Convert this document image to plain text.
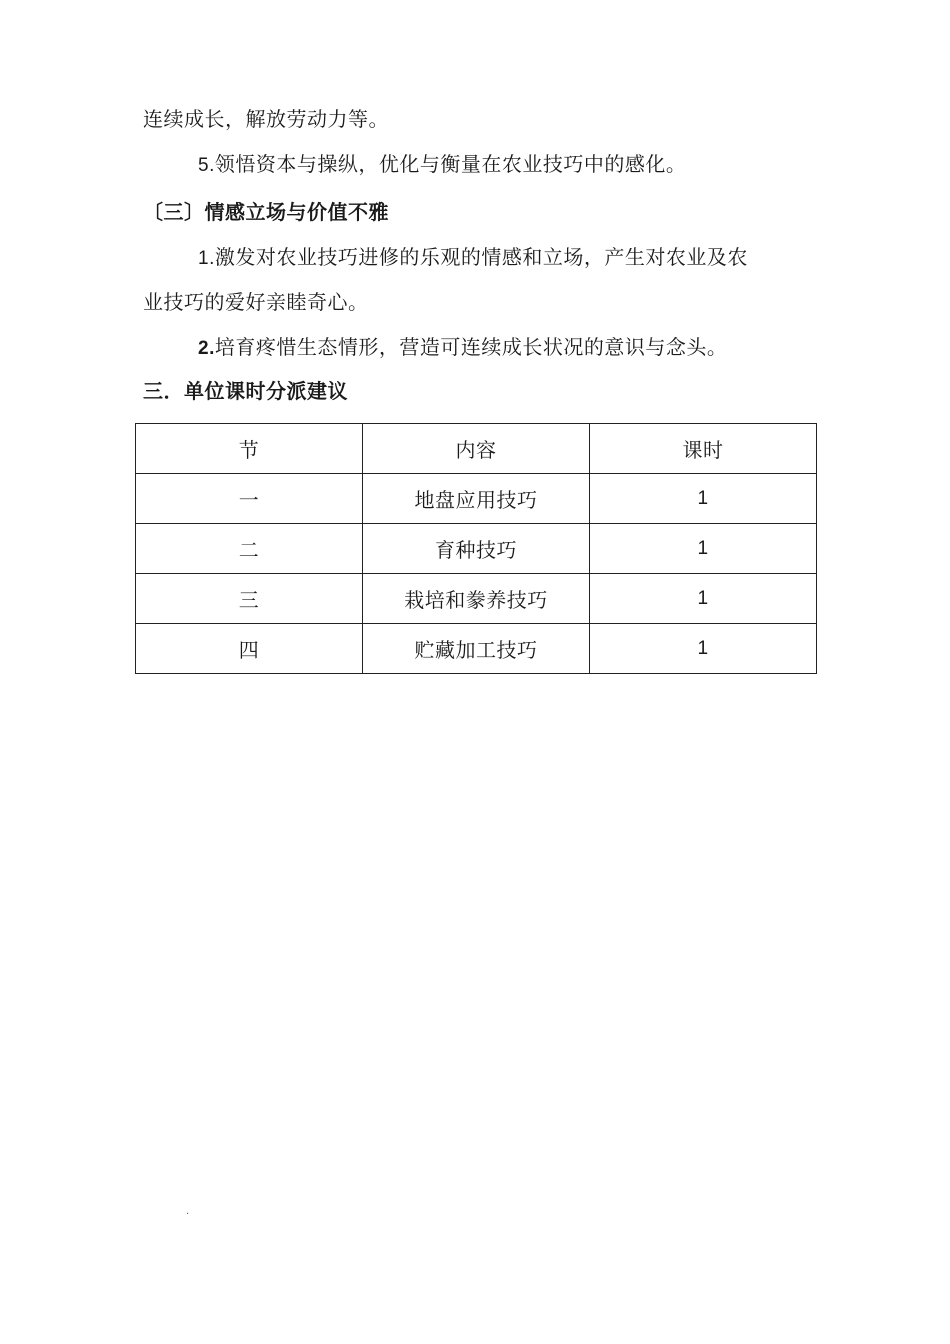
连续成长，解放劳动力等。
5.领悟资本与操纵，优化与衡量在农业技巧中的感化。
〔三〕情感立场与价值不雅
1.激发对农业技巧进修的乐观的情感和立场，产生对农业及农
业技巧的爱好亲睦奇心。
2.培育疼惜生态情形，营造可连续成长状况的意识与念头。
三．单位课时分派建议
节	内容	课时
一	地盘应用技巧	1
二	育种技巧	1
三	栽培和豢养技巧	1
四	贮藏加工技巧	1
.
